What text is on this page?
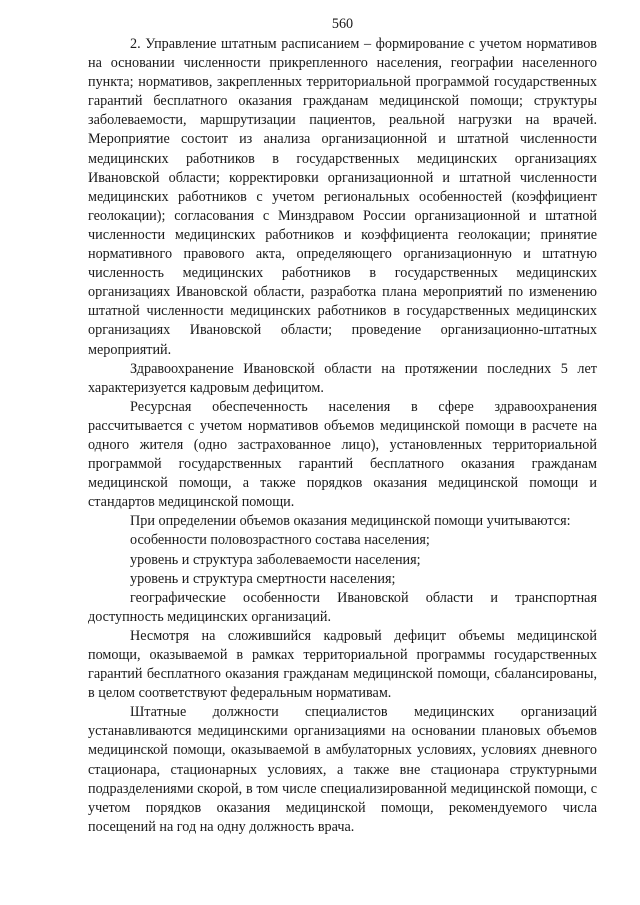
560

2. Управление штатным расписанием – формирование с учетом нормативов на основании численности прикрепленного населения, географии населенного пункта; нормативов, закрепленных территориальной программой государственных гарантий бесплатного оказания гражданам медицинской помощи; структуры заболеваемости, маршрутизации пациентов, реальной нагрузки на врачей. Мероприятие состоит из анализа организационной и штатной численности медицинских работников в государственных медицинских организациях Ивановской области; корректировки организационной и штатной численности медицинских работников с учетом региональных особенностей (коэффициент геолокации); согласования с Минздравом России организационной и штатной численности медицинских работников и коэффициента геолокации; принятие нормативного правового акта, определяющего организационную и штатную численность медицинских работников в государственных медицинских организациях Ивановской области, разработка плана мероприятий по изменению штатной численности медицинских работников в государственных медицинских организациях Ивановской области; проведение организационно-штатных мероприятий.

Здравоохранение Ивановской области на протяжении последних 5 лет характеризуется кадровым дефицитом.

Ресурсная обеспеченность населения в сфере здравоохранения рассчитывается с учетом нормативов объемов медицинской помощи в расчете на одного жителя (одно застрахованное лицо), установленных территориальной программой государственных гарантий бесплатного оказания гражданам медицинской помощи, а также порядков оказания медицинской помощи и стандартов медицинской помощи.

При определении объемов оказания медицинской помощи учитываются:

особенности половозрастного состава населения;

уровень и структура заболеваемости населения;

уровень и структура смертности населения;

географические особенности Ивановской области и транспортная доступность медицинских организаций.

Несмотря на сложившийся кадровый дефицит объемы медицинской помощи, оказываемой в рамках территориальной программы государственных гарантий бесплатного оказания гражданам медицинской помощи, сбалансированы, в целом соответствуют федеральным нормативам.

Штатные должности специалистов медицинских организаций устанавливаются медицинскими организациями на основании плановых объемов медицинской помощи, оказываемой в амбулаторных условиях, условиях дневного стационара, стационарных условиях, а также вне стационара структурными подразделениями скорой, в том числе специализированной медицинской помощи, с учетом порядков оказания медицинской помощи, рекомендуемого числа посещений на год на одну должность врача.
